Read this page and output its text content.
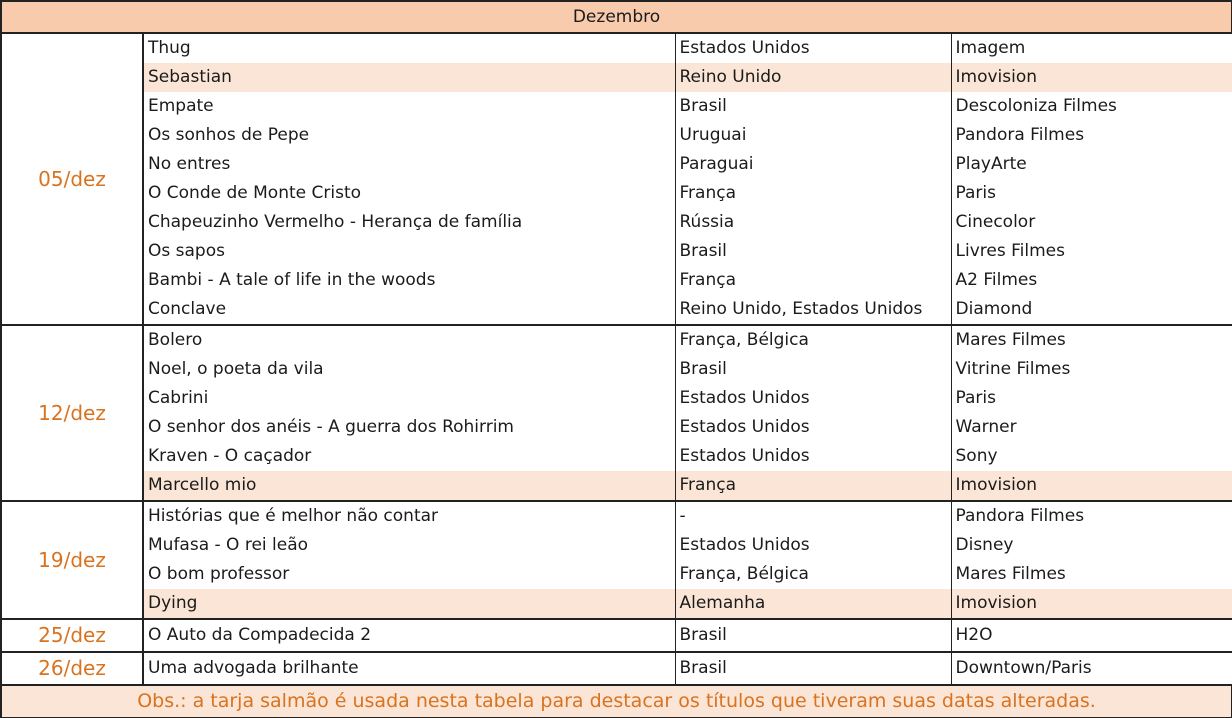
Dezembro			
05/dez	Thug	Estados Unidos	Imagem
	Sebastian	Reino Unido	Imovision
	Empate	Brasil	Descoloniza Filmes
	Os sonhos de Pepe	Uruguai	Pandora Filmes
	No entres	Paraguai	PlayArte
	O Conde de Monte Cristo	França	Paris
	Chapeuzinho Vermelho - Herança de família	Rússia	Cinecolor
	Os sapos	Brasil	Livres Filmes
	Bambi - A tale of life in the woods	França	A2 Filmes
	Conclave	Reino Unido, Estados Unidos	Diamond
12/dez	Bolero	França, Bélgica	Mares Filmes
	Noel, o poeta da vila	Brasil	Vitrine Filmes
	Cabrini	Estados Unidos	Paris
	O senhor dos anéis - A guerra dos Rohirrim	Estados Unidos	Warner
	Kraven - O caçador	Estados Unidos	Sony
	Marcello mio	França	Imovision
19/dez	Histórias que é melhor não contar	-	Pandora Filmes
	Mufasa - O rei leão	Estados Unidos	Disney
	O bom professor	França, Bélgica	Mares Filmes
	Dying	Alemanha	Imovision
25/dez	O Auto da Compadecida 2	Brasil	H2O
26/dez	Uma advogada brilhante	Brasil	Downtown/Paris
Obs.: a tarja salmão é usada nesta tabela para destacar os títulos que tiveram suas datas alteradas.			
